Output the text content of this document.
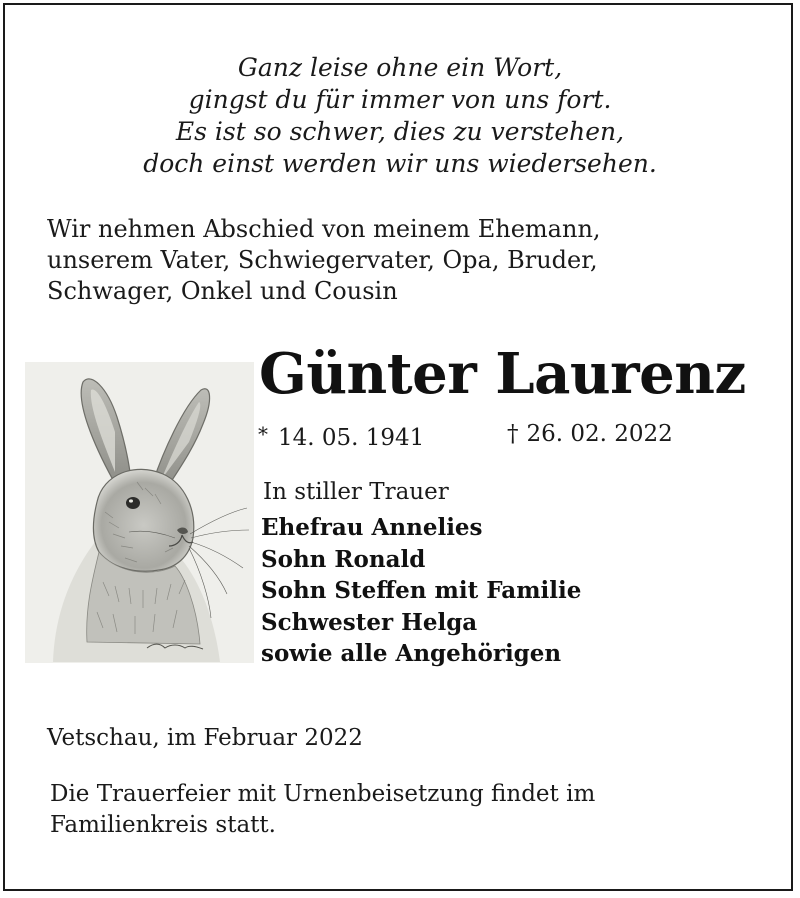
Ganz leise ohne ein Wort,
gingst du für immer von uns fort.
Es ist so schwer, dies zu verstehen,
doch einst werden wir uns wiedersehen.
Wir nehmen Abschied von meinem Ehemann,
unserem Vater, Schwiegervater, Opa, Bruder,
Schwager, Onkel und Cousin
Günter Laurenz
* 14. 05. 1941	† 26. 02. 2022
In stiller Trauer
Ehefrau Annelies
Sohn Ronald
Sohn Steffen mit Familie
Schwester Helga
sowie alle Angehörigen
Vetschau, im Februar 2022
Die Trauerfeier mit Urnenbeisetzung findet im
Familienkreis statt.
